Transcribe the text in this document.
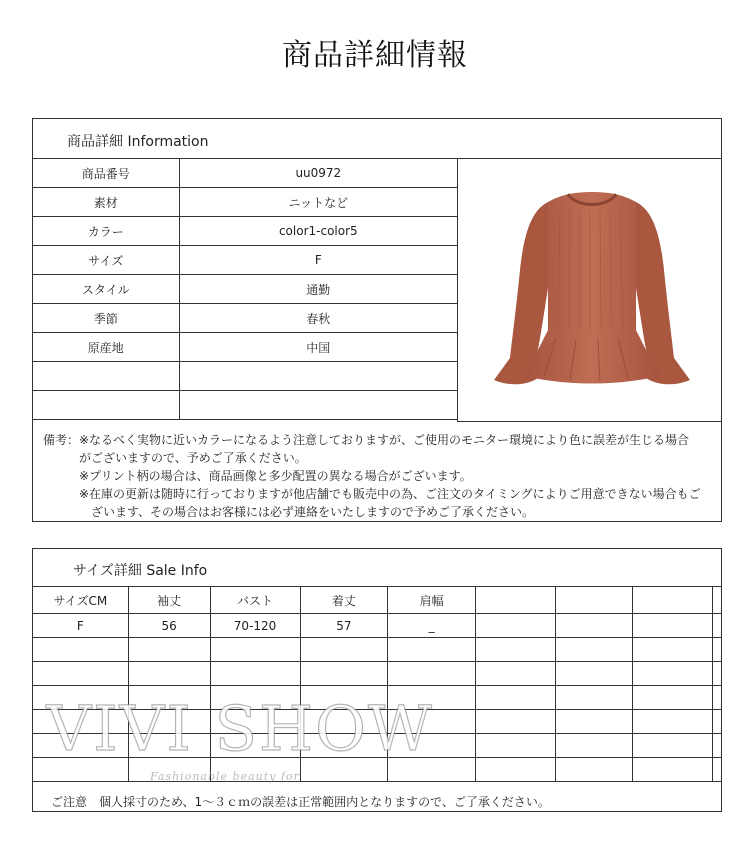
商品詳細情報
商品詳細 Information
商品番号	uu0972
素材	ニットなど
カラー	color1-color5
サイズ	F
スタイル	通勤
季節	春秋
原産地	中国

備考：※なるべく実物に近いカラーになるよう注意しておりますが、ご使用のモニター環境により色に誤差が生じる場合
がございますので、予めご了承ください。
※プリント柄の場合は、商品画像と多少配置の異なる場合がございます。
※在庫の更新は随時に行っておりますが他店舗でも販売中の為、ご注文のタイミングによりご用意できない場合もご
ざいます、その場合はお客様には必ず連絡をいたしますので予めご了承ください。
サイズ詳細 Sale Info
サイズCM	袖丈	バスト	着丈	肩幅				
F	56	70-120	57	_				

ご注意　個人採寸のため、1～３ｃｍの誤差は正常範囲内となりますので、ご了承ください。
VIVI SHOW
Fashionable beauty for
